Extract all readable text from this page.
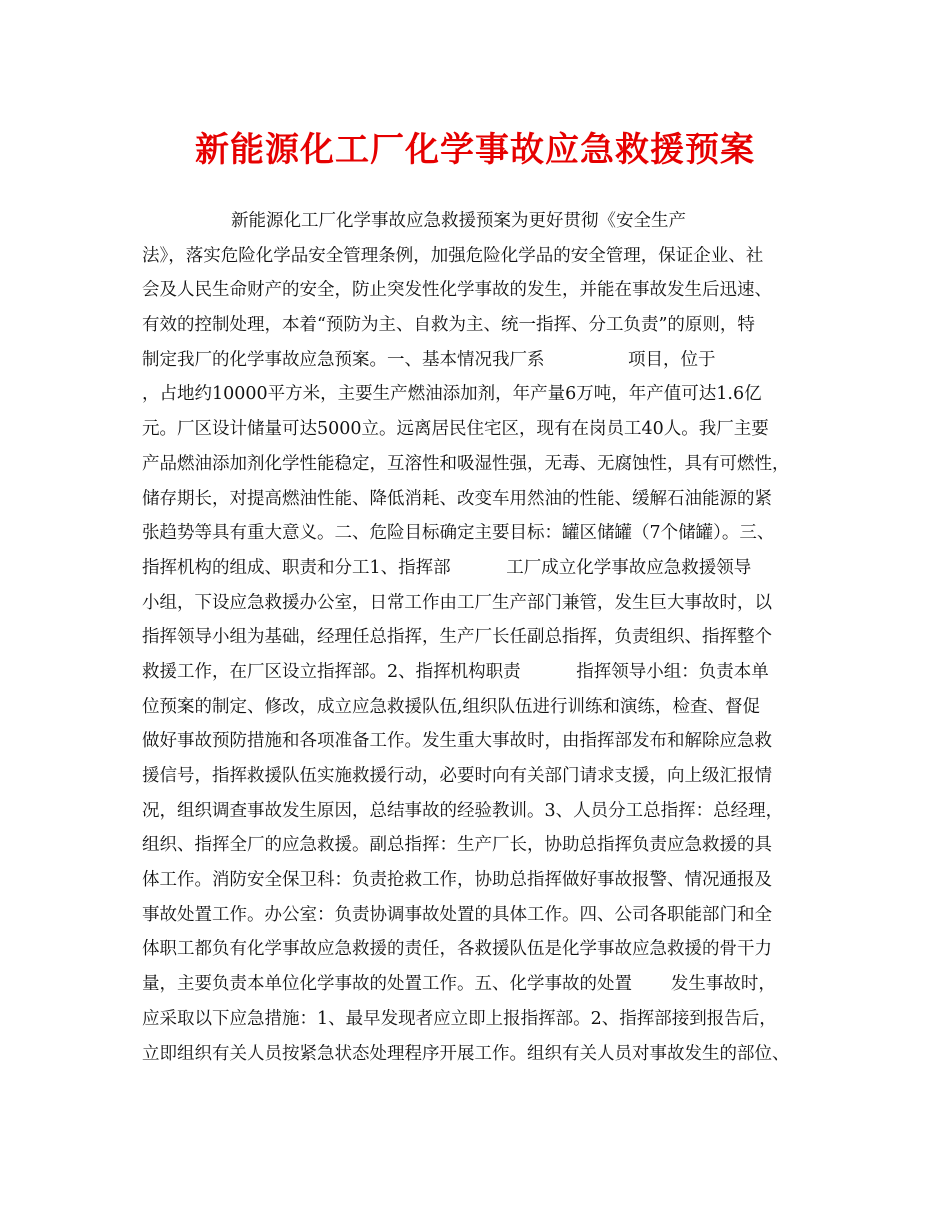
新能源化工厂化学事故应急救援预案
新能源化工厂化学事故应急救援预案为更好贯彻《安全生产
法》，落实危险化学品安全管理条例，加强危险化学品的安全管理，保证企业、社
会及人民生命财产的安全，防止突发性化学事故的发生，并能在事故发生后迅速、
有效的控制处理，本着“预防为主、自救为主、统一指挥、分工负责”的原则，特
制定我厂的化学事故应急预案。一、基本情况我厂系               项目，位于
，占地约10000平方米，主要生产燃油添加剂，年产量6万吨，年产值可达1.6亿
元。厂区设计储量可达5000立。远离居民住宅区，现有在岗员工40人。我厂主要
产品燃油添加剂化学性能稳定，互溶性和吸湿性强，无毒、无腐蚀性，具有可燃性，
储存期长，对提高燃油性能、降低消耗、改变车用然油的性能、缓解石油能源的紧
张趋势等具有重大意义。二、危险目标确定主要目标：罐区储罐（7个储罐）。三、
指挥机构的组成、职责和分工1、指挥部          工厂成立化学事故应急救援领导
小组，下设应急救援办公室，日常工作由工厂生产部门兼管，发生巨大事故时，以
指挥领导小组为基础，经理任总指挥，生产厂长任副总指挥，负责组织、指挥整个
救援工作，在厂区设立指挥部。2、指挥机构职责          指挥领导小组：负责本单
位预案的制定、修改，成立应急救援队伍,组织队伍进行训练和演练，检查、督促
做好事故预防措施和各项准备工作。发生重大事故时，由指挥部发布和解除应急救
援信号，指挥救援队伍实施救援行动，必要时向有关部门请求支援，向上级汇报情
况，组织调查事故发生原因，总结事故的经验教训。3、人员分工总指挥：总经理，
组织、指挥全厂的应急救援。副总指挥：生产厂长，协助总指挥负责应急救援的具
体工作。消防安全保卫科：负责抢救工作，协助总指挥做好事故报警、情况通报及
事故处置工作。办公室：负责协调事故处置的具体工作。四、公司各职能部门和全
体职工都负有化学事故应急救援的责任，各救援队伍是化学事故应急救援的骨干力
量，主要负责本单位化学事故的处置工作。五、化学事故的处置       发生事故时，
应采取以下应急措施：1、最早发现者应立即上报指挥部。2、指挥部接到报告后，
立即组织有关人员按紧急状态处理程序开展工作。组织有关人员对事故发生的部位、
